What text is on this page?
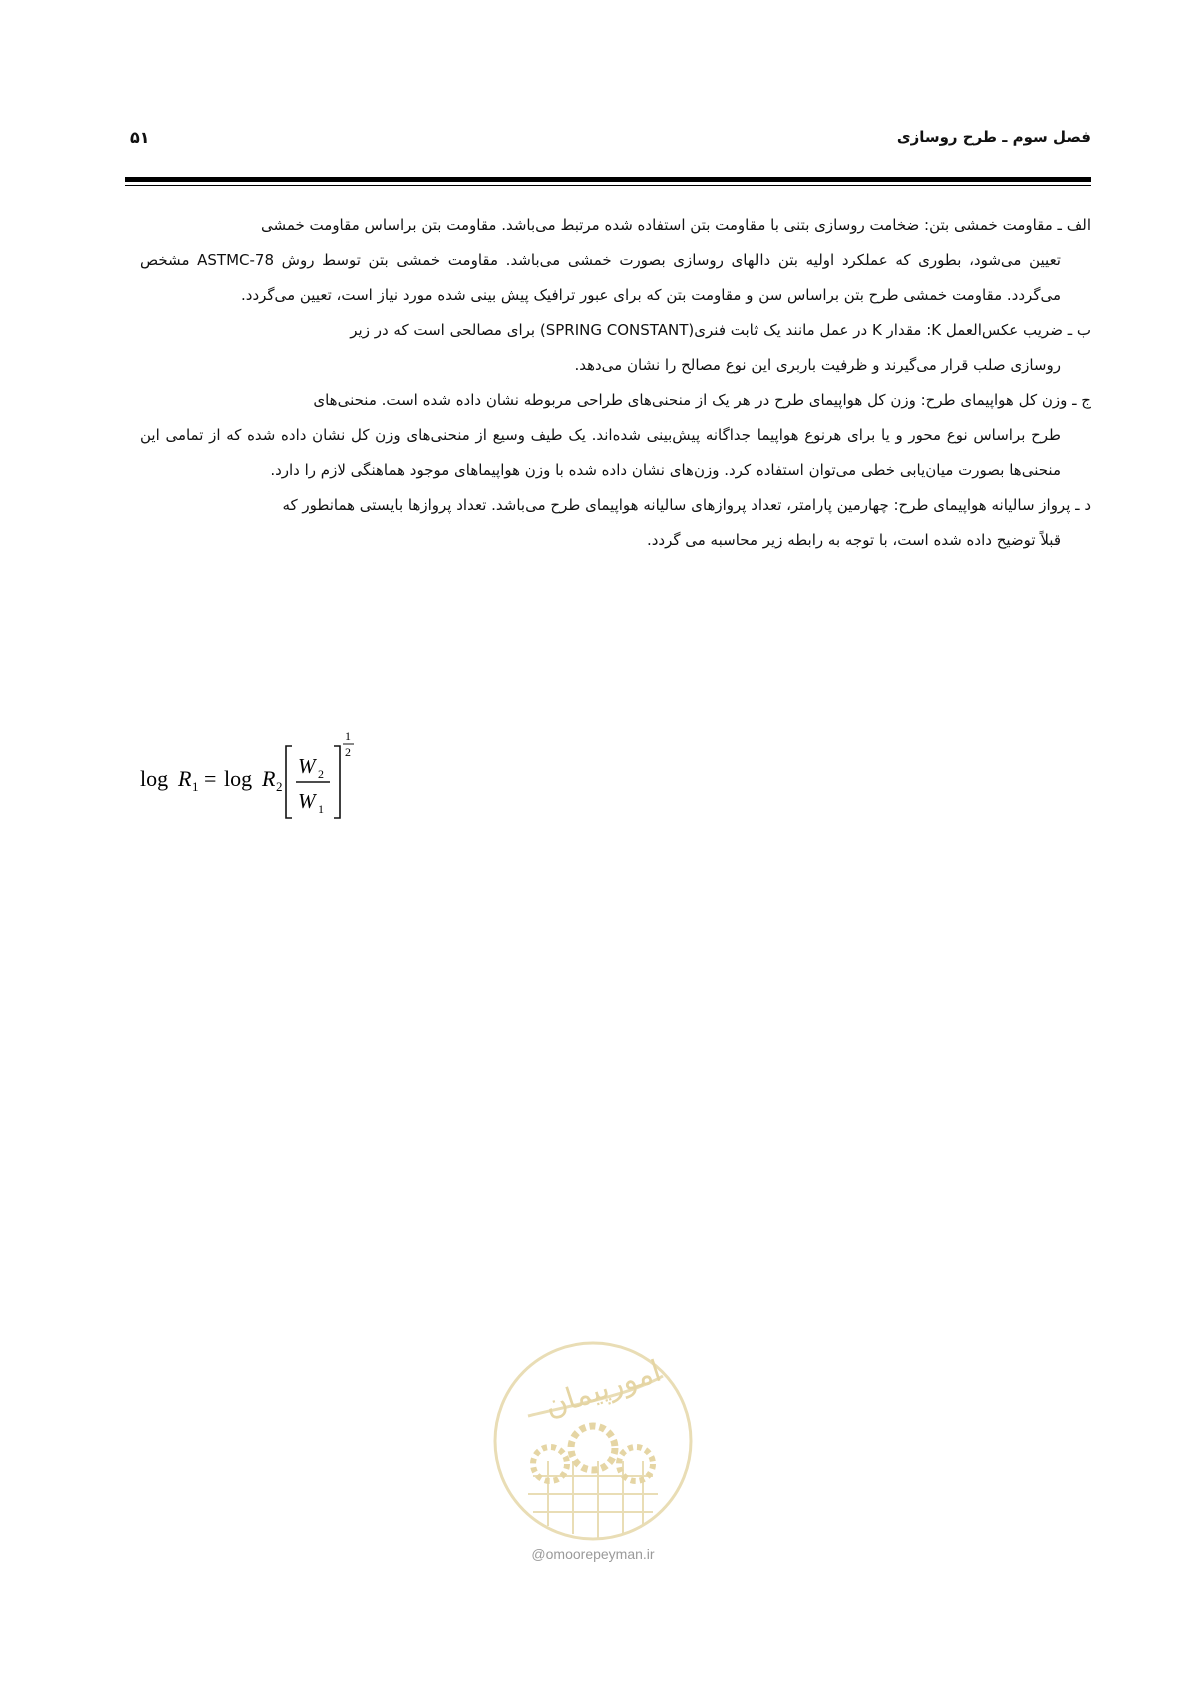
فصل سوم ـ طرح روسازی
۵۱

الف ـ مقاومت خمشی بتن: ضخامت روسازی بتنی با مقاومت بتن استفاده شده مرتبط می‌باشد. مقاومت بتن براساس مقاومت خمشی
تعیین می‌شود، بطوری که عملکرد اولیه بتن دالهای روسازی بصورت خمشی می‌باشد. مقاومت خمشی بتن توسط روش ASTMC-78 مشخص می‌گردد. مقاومت خمشی طرح بتن براساس سن و مقاومت بتن که برای عبور ترافیک پیش بینی شده مورد نیاز است، تعیین می‌گردد.

ب ـ ضریب عکس‌العمل K: مقدار K در عمل مانند یک ثابت فنری(SPRING CONSTANT) برای مصالحی است که در زیر
روسازی صلب قرار می‌گیرند و ظرفیت باربری این نوع مصالح را نشان می‌دهد.

ج ـ وزن کل هواپیمای طرح: وزن کل هواپیمای طرح در هر یک از منحنی‌های طراحی مربوطه نشان داده شده است. منحنی‌های
طرح براساس نوع محور و یا برای هرنوع هواپیما جداگانه پیش‌بینی شده‌اند. یک طیف وسیع از منحنی‌های وزن کل نشان داده شده که از تمامی این منحنی‌ها بصورت میان‌یابی خطی می‌توان استفاده کرد. وزن‌های نشان داده شده با وزن هواپیماهای موجود هماهنگی لازم را دارد.

د ـ پرواز سالیانه هواپیمای طرح: چهارمین پارامتر، تعداد پروازهای سالیانه هواپیمای طرح می‌باشد. تعداد پروازها بایستی همانطور که
قبلاً توضیح داده شده است، با توجه به رابطه زیر محاسبه می گردد.

log R 1 = log R 2
W 2
W 1
1
2
امورپیمان
@omoorepeyman.ir
